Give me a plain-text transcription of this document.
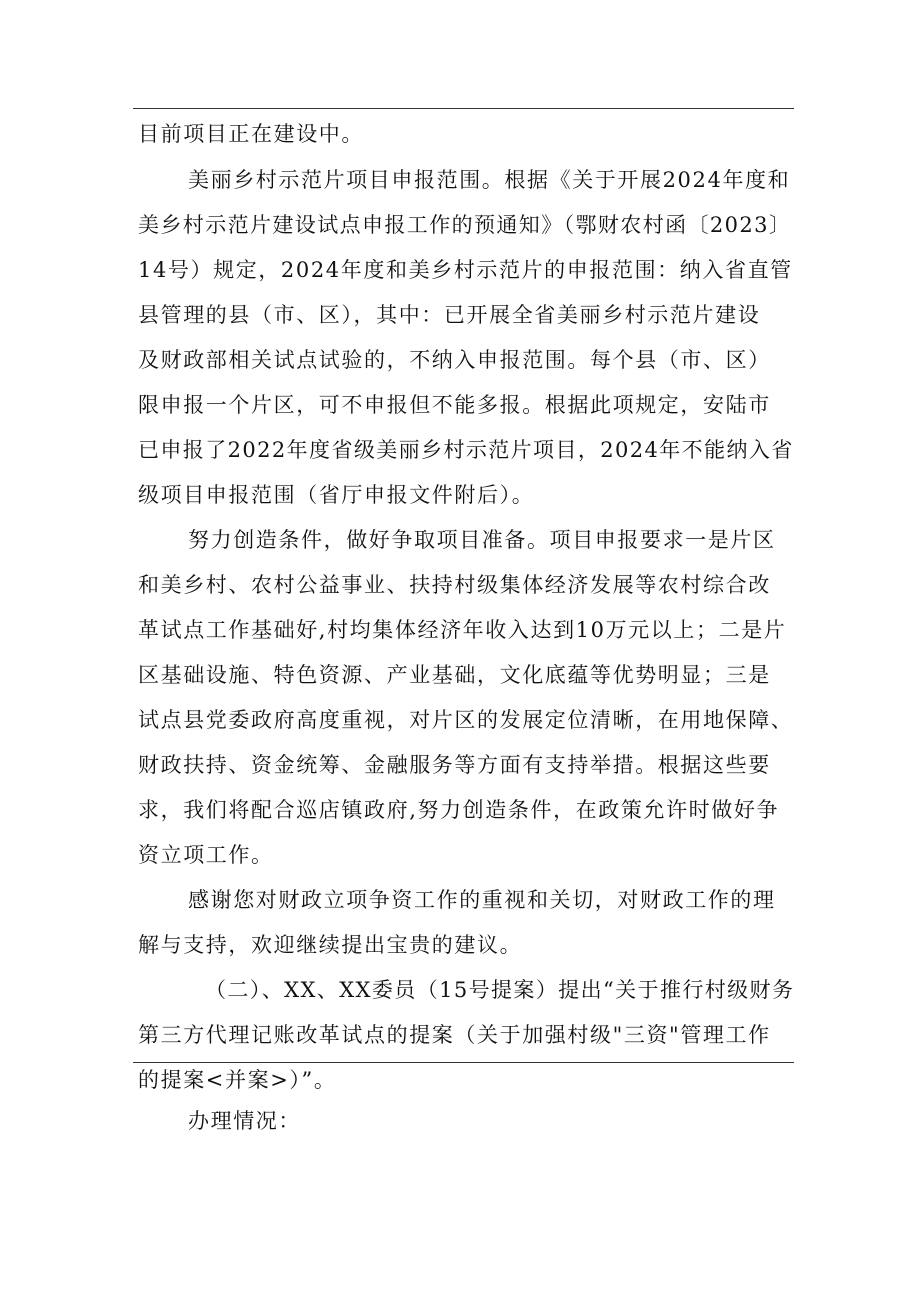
目前项目正在建设中。
美丽乡村示范片项目申报范围。根据《关于开展2024年度和
美乡村示范片建设试点申报工作的预通知》（鄂财农村函〔2023〕
14号）规定，2024年度和美乡村示范片的申报范围：纳入省直管
县管理的县（市、区），其中：已开展全省美丽乡村示范片建设
及财政部相关试点试验的，不纳入申报范围。每个县（市、区）
限申报一个片区，可不申报但不能多报。根据此项规定，安陆市
已申报了2022年度省级美丽乡村示范片项目，2024年不能纳入省
级项目申报范围（省厅申报文件附后）。
努力创造条件，做好争取项目准备。项目申报要求一是片区
和美乡村、农村公益事业、扶持村级集体经济发展等农村综合改
革试点工作基础好,村均集体经济年收入达到10万元以上；二是片
区基础设施、特色资源、产业基础，文化底蕴等优势明显；三是
试点县党委政府高度重视，对片区的发展定位清晰，在用地保障、
财政扶持、资金统筹、金融服务等方面有支持举措。根据这些要
求，我们将配合巡店镇政府,努力创造条件，在政策允许时做好争
资立项工作。
感谢您对财政立项争资工作的重视和关切，对财政工作的理
解与支持，欢迎继续提出宝贵的建议。
（二）、XX、XX委员（15号提案）提出“关于推行村级财务
第三方代理记账改革试点的提案（关于加强村级"三资"管理工作
的提案<并案>）”。
办理情况：
